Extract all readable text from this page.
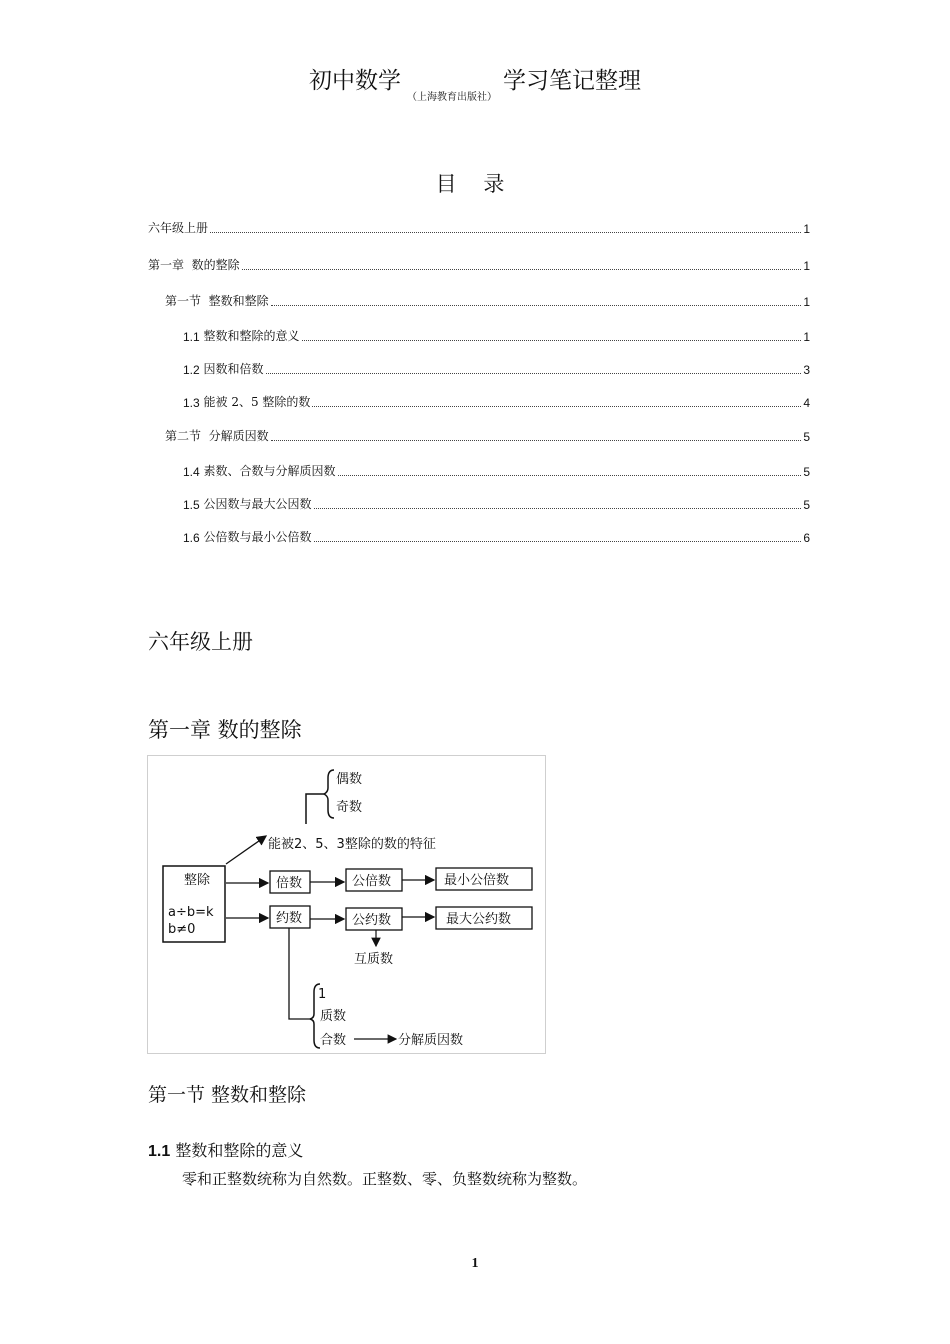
初中数学（上海教育出版社）学习笔记整理
目 录
六年级上册	1
第一章  数的整除	1
第一节  整数和整除	1
1.1 整数和整除的意义	1
1.2 因数和倍数	3
1.3 能被 2、5 整除的数	4
第二节  分解质因数	5
1.4 素数、合数与分解质因数	5
1.5 公因数与最大公因数	5
1.6 公倍数与最小公倍数	6
六年级上册
第一章 数的整除
偶数
奇数
能被2、5、3整除的数的特征
整除
a÷b=k
b≠0
倍数	公倍数	最小公倍数
约数	公约数	最大公约数
互质数
1
质数
合数	分解质因数
第一节 整数和整除
1.1 整数和整除的意义
零和正整数统称为自然数。正整数、零、负整数统称为整数。
1
